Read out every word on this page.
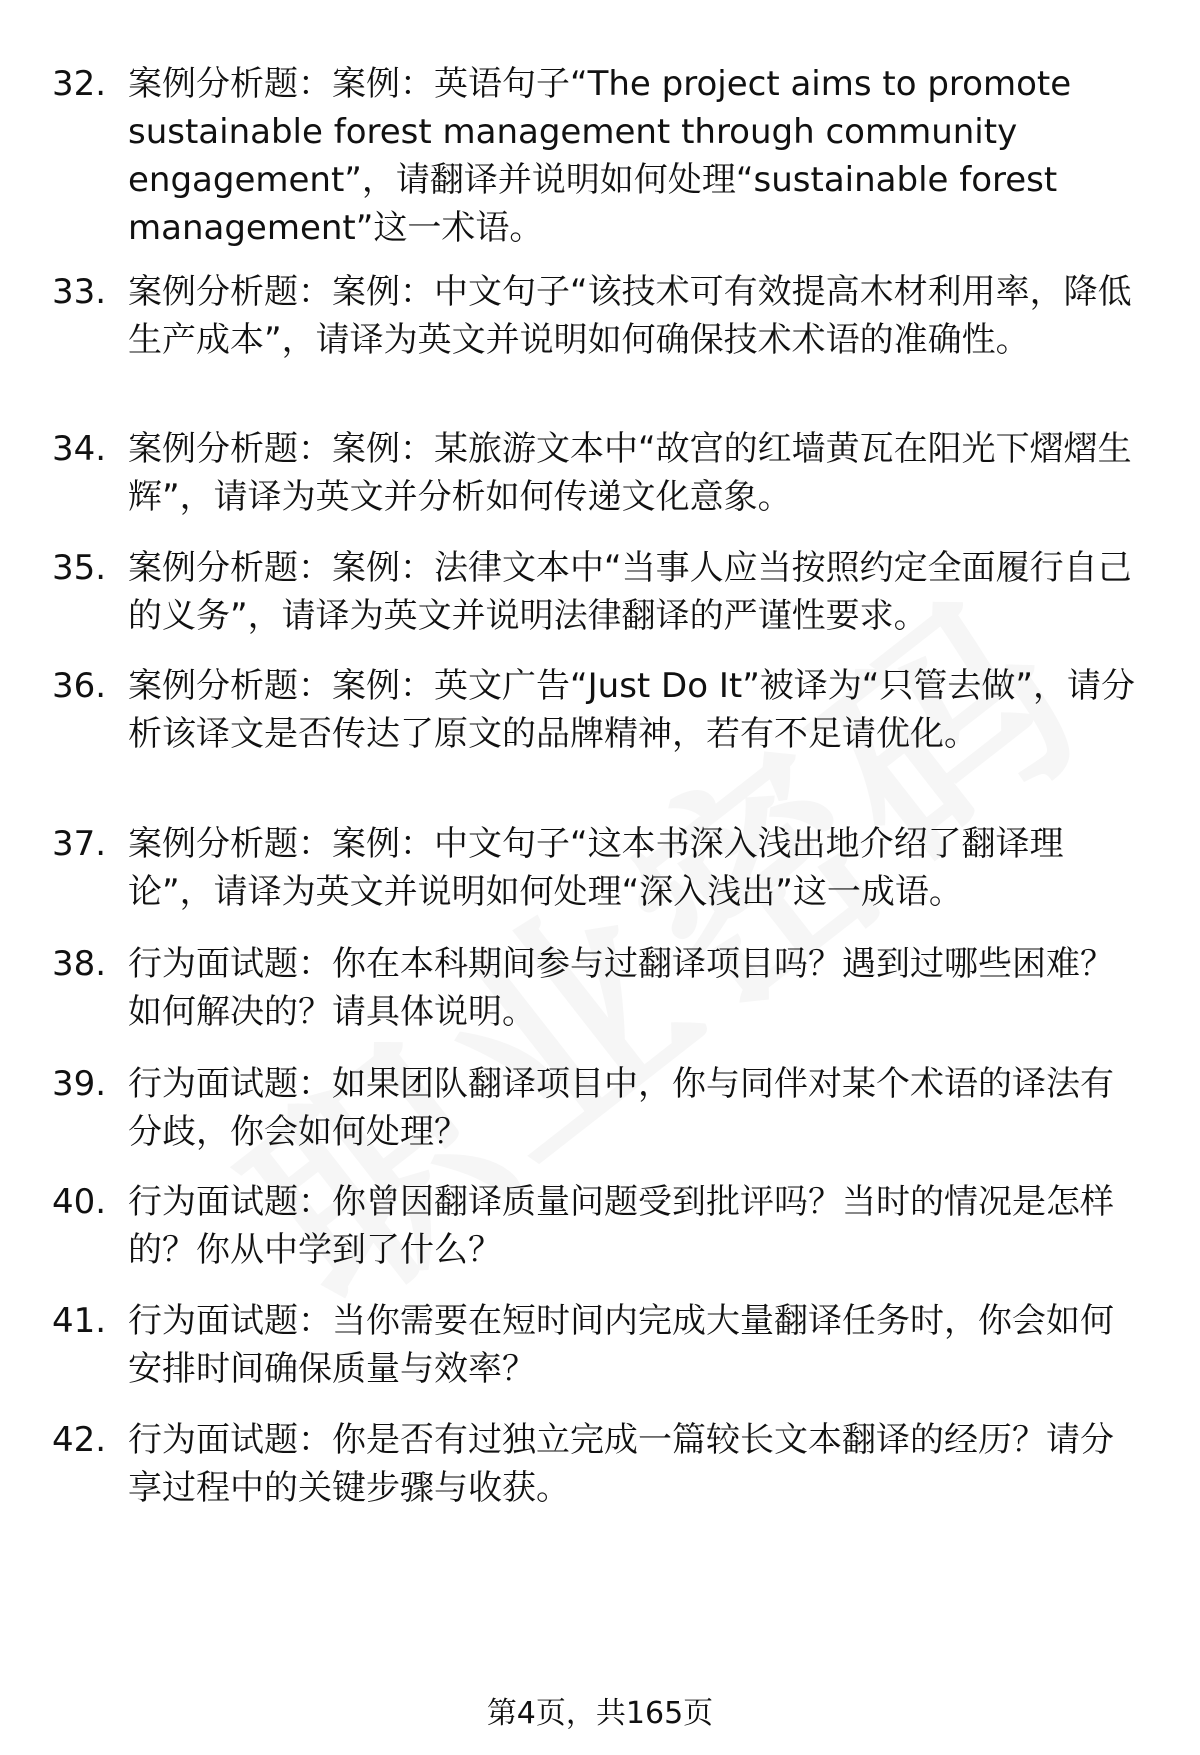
32. 案例分析题：案例：英语句子“The project aims to promote sustainable forest management through community engagement”，请翻译并说明如何处理“sustainable forest management”这一术语。
33. 案例分析题：案例：中文句子“该技术可有效提高木材利用率，降低生产成本”，请译为英文并说明如何确保技术术语的准确性。
34. 案例分析题：案例：某旅游文本中“故宫的红墙黄瓦在阳光下熠熠生辉”，请译为英文并分析如何传递文化意象。
35. 案例分析题：案例：法律文本中“当事人应当按照约定全面履行自己的义务”，请译为英文并说明法律翻译的严谨性要求。
36. 案例分析题：案例：英文广告“Just Do It”被译为“只管去做”，请分析该译文是否传达了原文的品牌精神，若有不足请优化。
37. 案例分析题：案例：中文句子“这本书深入浅出地介绍了翻译理论”，请译为英文并说明如何处理“深入浅出”这一成语。
38. 行为面试题：你在本科期间参与过翻译项目吗？遇到过哪些困难？如何解决的？请具体说明。
39. 行为面试题：如果团队翻译项目中，你与同伴对某个术语的译法有分歧，你会如何处理？
40. 行为面试题：你曾因翻译质量问题受到批评吗？当时的情况是怎样的？你从中学到了什么？
41. 行为面试题：当你需要在短时间内完成大量翻译任务时，你会如何安排时间确保质量与效率？
42. 行为面试题：你是否有过独立完成一篇较长文本翻译的经历？请分享过程中的关键步骤与收获。
第4页，共165页
